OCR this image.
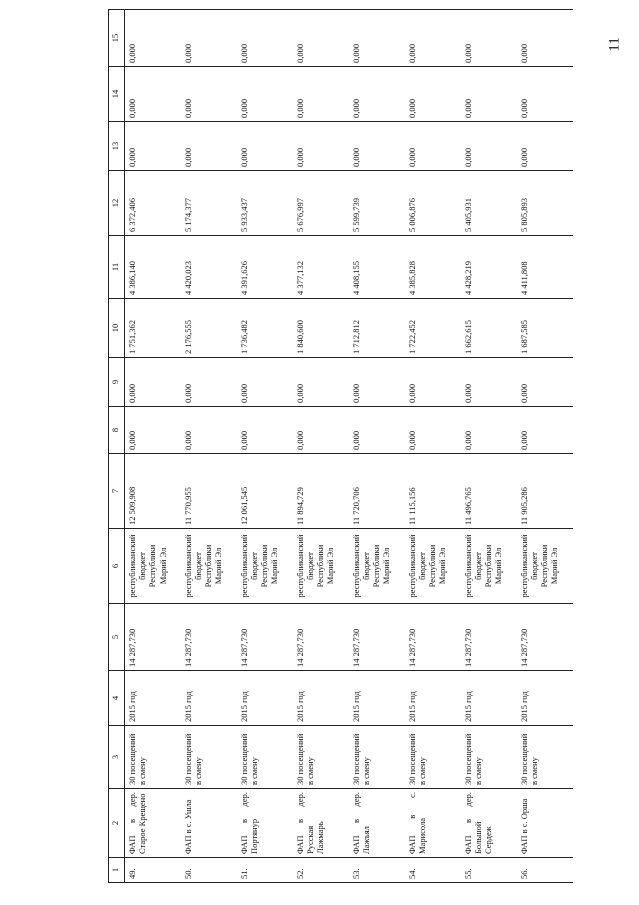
11
1	2	3	4	5	6	7	8	9	10	11	12	13	14	15
49.	ФАП в дер. Старое Крещено	30 посещений в смену	2015 год	14 287,730	республиканский бюджет Республики Марий Эл	12 509,908	0,000	0,000	1 751,362	4 386,140	6 372,406	0,000	0,000	0,000
50.	ФАП в с. Ушла	30 посещений в смену	2015 год	14 287,730	республиканский бюджет Республики Марий Эл	11 770,955	0,000	0,000	2 176,555	4 420,023	5 174,377	0,000	0,000	0,000
51.	ФАП в дер. Портянур	30 посещений в смену	2015 год	14 287,730	республиканский бюджет Республики Марий Эл	12 061,545	0,000	0,000	1 736,482	4 391,626	5 933,437	0,000	0,000	0,000
52.	ФАП в дер. Русская Лажмарь	30 посещений в смену	2015 год	14 287,730	республиканский бюджет Республики Марий Эл	11 894,729	0,000	0,000	1 840,600	4 377,132	5 676,997	0,000	0,000	0,000
53.	ФАП в дер. Лажъял	30 посещений в смену	2015 год	14 287,730	республиканский бюджет Республики Марий Эл	11 720,706	0,000	0,000	1 712,812	4 408,155	5 599,739	0,000	0,000	0,000
54.	ФАП в с. Марисола	30 посещений в смену	2015 год	14 287,730	республиканский бюджет Республики Марий Эл	11 115,156	0,000	0,000	1 722,452	4 385,828	5 006,876	0,000	0,000	0,000
55.	ФАП в дер. Большой Сердеж	30 посещений в смену	2015 год	14 287,730	республиканский бюджет Республики Марий Эл	11 496,765	0,000	0,000	1 662,615	4 428,219	5 405,931	0,000	0,000	0,000
56.	ФАП в с. Орша	30 посещений в смену	2015 год	14 287,730	республиканский бюджет Республики Марий Эл	11 905,286	0,000	0,000	1 687,585	4 411,808	5 805,893	0,000	0,000	0,000
